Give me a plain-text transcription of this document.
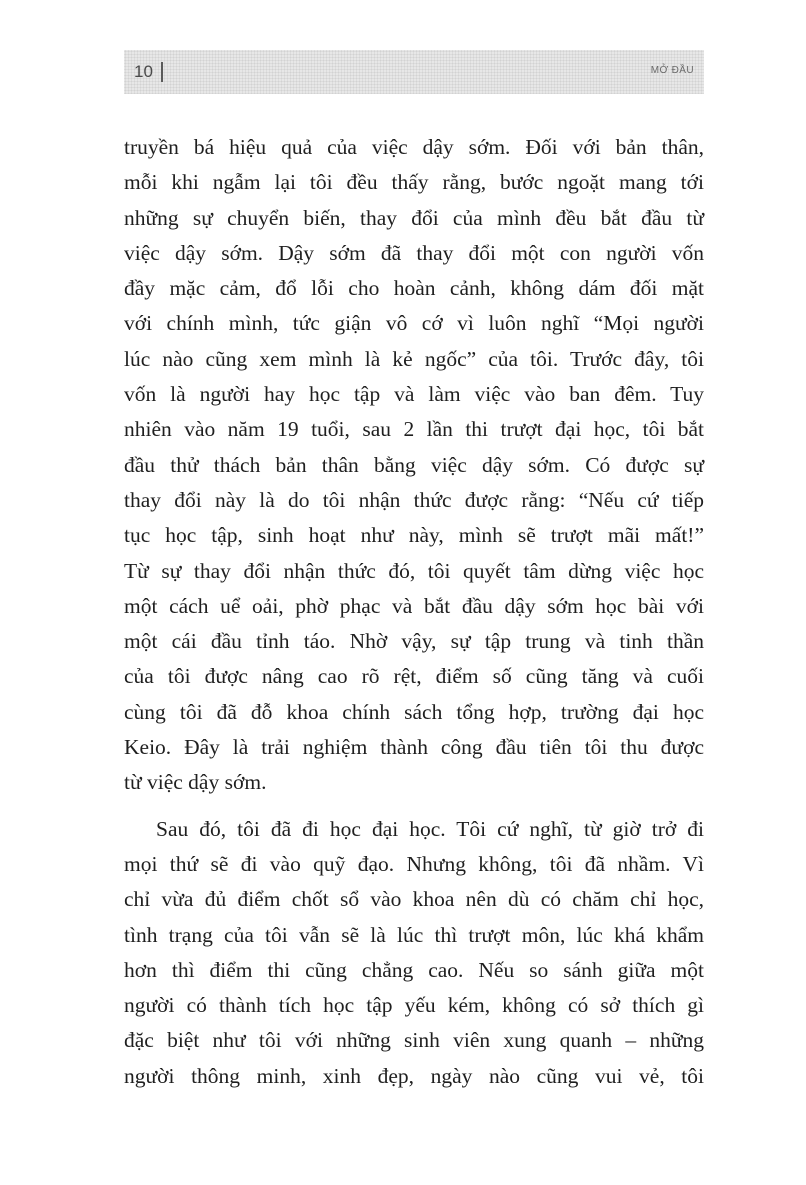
10	MỞ ĐẦU

truyền bá hiệu quả của việc dậy sớm. Đối với bản thân,
mỗi khi ngẫm lại tôi đều thấy rằng, bước ngoặt mang tới
những sự chuyển biến, thay đổi của mình đều bắt đầu từ
việc dậy sớm. Dậy sớm đã thay đổi một con người vốn
đầy mặc cảm, đổ lỗi cho hoàn cảnh, không dám đối mặt
với chính mình, tức giận vô cớ vì luôn nghĩ “Mọi người
lúc nào cũng xem mình là kẻ ngốc” của tôi. Trước đây, tôi
vốn là người hay học tập và làm việc vào ban đêm. Tuy
nhiên vào năm 19 tuổi, sau 2 lần thi trượt đại học, tôi bắt
đầu thử thách bản thân bằng việc dậy sớm. Có được sự
thay đổi này là do tôi nhận thức được rằng: “Nếu cứ tiếp
tục học tập, sinh hoạt như này, mình sẽ trượt mãi mất!”
Từ sự thay đổi nhận thức đó, tôi quyết tâm dừng việc học
một cách uể oải, phờ phạc và bắt đầu dậy sớm học bài với
một cái đầu tỉnh táo. Nhờ vậy, sự tập trung và tinh thần
của tôi được nâng cao rõ rệt, điểm số cũng tăng và cuối
cùng tôi đã đỗ khoa chính sách tổng hợp, trường đại học
Keio. Đây là trải nghiệm thành công đầu tiên tôi thu được
từ việc dậy sớm.

Sau đó, tôi đã đi học đại học. Tôi cứ nghĩ, từ giờ trở đi
mọi thứ sẽ đi vào quỹ đạo. Nhưng không, tôi đã nhầm. Vì
chỉ vừa đủ điểm chốt sổ vào khoa nên dù có chăm chỉ học,
tình trạng của tôi vẫn sẽ là lúc thì trượt môn, lúc khá khẩm
hơn thì điểm thi cũng chẳng cao. Nếu so sánh giữa một
người có thành tích học tập yếu kém, không có sở thích gì
đặc biệt như tôi với những sinh viên xung quanh – những
người thông minh, xinh đẹp, ngày nào cũng vui vẻ, tôi
